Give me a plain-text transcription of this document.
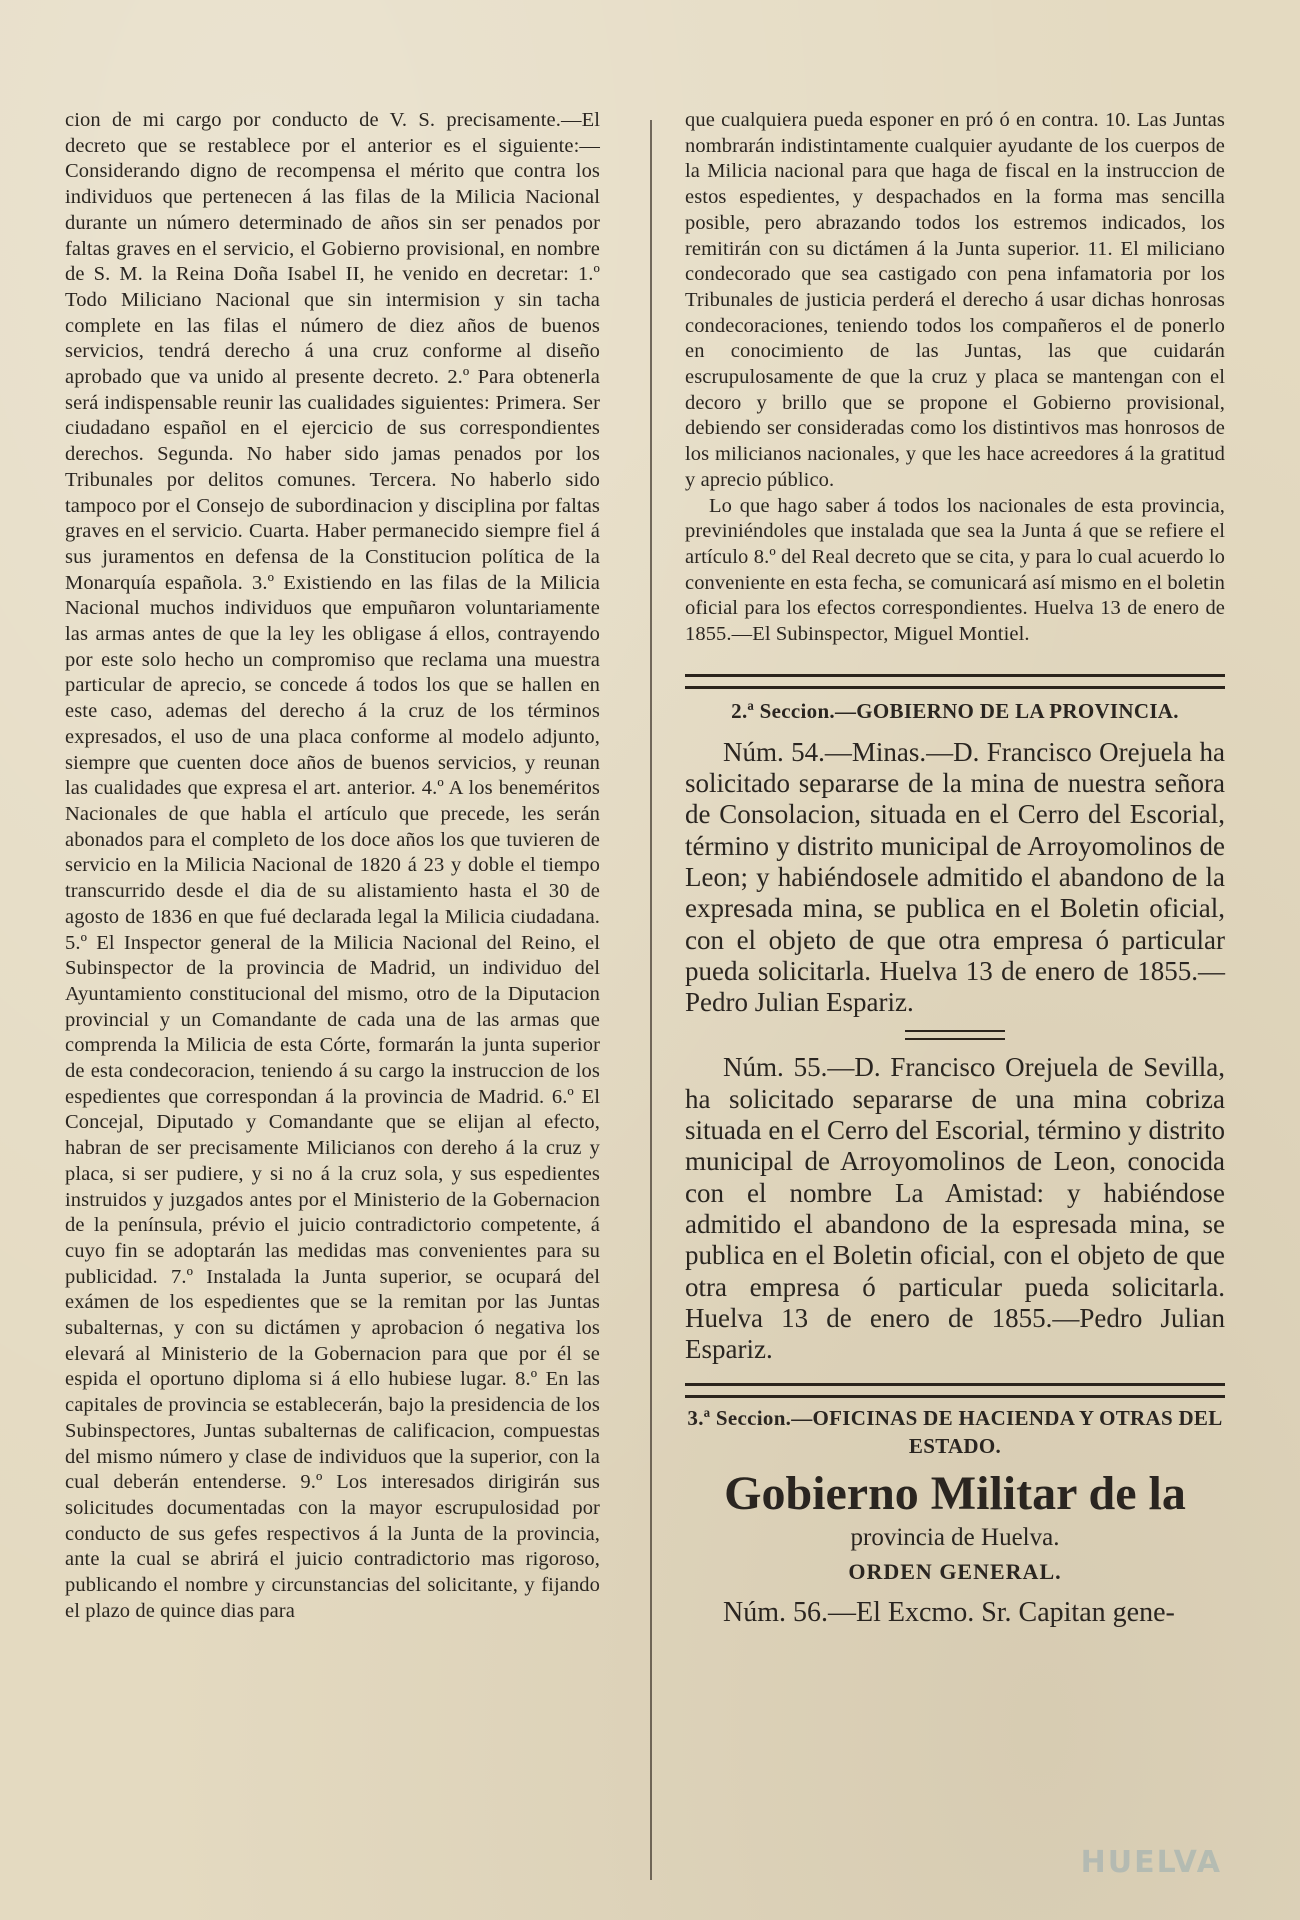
cion de mi cargo por conducto de V. S. precisamente.—El decreto que se restablece por el anterior es el siguiente:—Considerando digno de recompensa el mérito que contra los individuos que pertenecen á las filas de la Milicia Nacional durante un número determinado de años sin ser penados por faltas graves en el servicio, el Gobierno provisional, en nombre de S. M. la Reina Doña Isabel II, he venido en decretar: 1.º Todo Miliciano Nacional que sin intermision y sin tacha complete en las filas el número de diez años de buenos servicios, tendrá derecho á una cruz conforme al diseño aprobado que va unido al presente decreto. 2.º Para obtenerla será indispensable reunir las cualidades siguientes: Primera. Ser ciudadano español en el ejercicio de sus correspondientes derechos. Segunda. No haber sido jamas penados por los Tribunales por delitos comunes. Tercera. No haberlo sido tampoco por el Consejo de subordinacion y disciplina por faltas graves en el servicio. Cuarta. Haber permanecido siempre fiel á sus juramentos en defensa de la Constitucion política de la Monarquía española. 3.º Existiendo en las filas de la Milicia Nacional muchos individuos que empuñaron voluntariamente las armas antes de que la ley les obligase á ellos, contrayendo por este solo hecho un compromiso que reclama una muestra particular de aprecio, se concede á todos los que se hallen en este caso, ademas del derecho á la cruz de los términos expresados, el uso de una placa conforme al modelo adjunto, siempre que cuenten doce años de buenos servicios, y reunan las cualidades que expresa el art. anterior. 4.º A los beneméritos Nacionales de que habla el artículo que precede, les serán abonados para el completo de los doce años los que tuvieren de servicio en la Milicia Nacional de 1820 á 23 y doble el tiempo transcurrido desde el dia de su alistamiento hasta el 30 de agosto de 1836 en que fué declarada legal la Milicia ciudadana. 5.º El Inspector general de la Milicia Nacional del Reino, el Subinspector de la provincia de Madrid, un individuo del Ayuntamiento constitucional del mismo, otro de la Diputacion provincial y un Comandante de cada una de las armas que comprenda la Milicia de esta Córte, formarán la junta superior de esta condecoracion, teniendo á su cargo la instruccion de los espedientes que correspondan á la provincia de Madrid. 6.º El Concejal, Diputado y Comandante que se elijan al efecto, habran de ser precisamente Milicianos con dereho á la cruz y placa, si ser pudiere, y si no á la cruz sola, y sus espedientes instruidos y juzgados antes por el Ministerio de la Gobernacion de la península, prévio el juicio contradictorio competente, á cuyo fin se adoptarán las medidas mas convenientes para su publicidad. 7.º Instalada la Junta superior, se ocupará del exámen de los espedientes que se la remitan por las Juntas subalternas, y con su dictámen y aprobacion ó negativa los elevará al Ministerio de la Gobernacion para que por él se espida el oportuno diploma si á ello hubiese lugar. 8.º En las capitales de provincia se establecerán, bajo la presidencia de los Subinspectores, Juntas subalternas de calificacion, compuestas del mismo número y clase de individuos que la superior, con la cual deberán entenderse. 9.º Los interesados dirigirán sus solicitudes documentadas con la mayor escrupulosidad por conducto de sus gefes respectivos á la Junta de la provincia, ante la cual se abrirá el juicio contradictorio mas rigoroso, publicando el nombre y circunstancias del solicitante, y fijando el plazo de quince dias para

que cualquiera pueda esponer en pró ó en contra. 10. Las Juntas nombrarán indistintamente cualquier ayudante de los cuerpos de la Milicia nacional para que haga de fiscal en la instruccion de estos espedientes, y despachados en la forma mas sencilla posible, pero abrazando todos los estremos indicados, los remitirán con su dictámen á la Junta superior. 11. El miliciano condecorado que sea castigado con pena infamatoria por los Tribunales de justicia perderá el derecho á usar dichas honrosas condecoraciones, teniendo todos los compañeros el de ponerlo en conocimiento de las Juntas, las que cuidarán escrupulosamente de que la cruz y placa se mantengan con el decoro y brillo que se propone el Gobierno provisional, debiendo ser consideradas como los distintivos mas honrosos de los milicianos nacionales, y que les hace acreedores á la gratitud y aprecio público.

Lo que hago saber á todos los nacionales de esta provincia, previniéndoles que instalada que sea la Junta á que se refiere el artículo 8.º del Real decreto que se cita, y para lo cual acuerdo lo conveniente en esta fecha, se comunicará así mismo en el boletin oficial para los efectos correspondientes. Huelva 13 de enero de 1855.—El Subinspector, Miguel Montiel.

2.ª Seccion.—GOBIERNO DE LA PROVINCIA.

Núm. 54.—Minas.—D. Francisco Orejuela ha solicitado separarse de la mina de nuestra señora de Consolacion, situada en el Cerro del Escorial, término y distrito municipal de Arroyomolinos de Leon; y habiéndosele admitido el abandono de la expresada mina, se publica en el Boletin oficial, con el objeto de que otra empresa ó particular pueda solicitarla. Huelva 13 de enero de 1855.—Pedro Julian Espariz.

Núm. 55.—D. Francisco Orejuela de Sevilla, ha solicitado separarse de una mina cobriza situada en el Cerro del Escorial, término y distrito municipal de Arroyomolinos de Leon, conocida con el nombre La Amistad: y habiéndose admitido el abandono de la espresada mina, se publica en el Boletin oficial, con el objeto de que otra empresa ó particular pueda solicitarla. Huelva 13 de enero de 1855.—Pedro Julian Espariz.

3.ª Seccion.—OFICINAS DE HACIENDA Y OTRAS DEL ESTADO.

Gobierno Militar de la

provincia de Huelva.

ORDEN GENERAL.

Núm. 56.—El Excmo. Sr. Capitan gene-

HUELVA
